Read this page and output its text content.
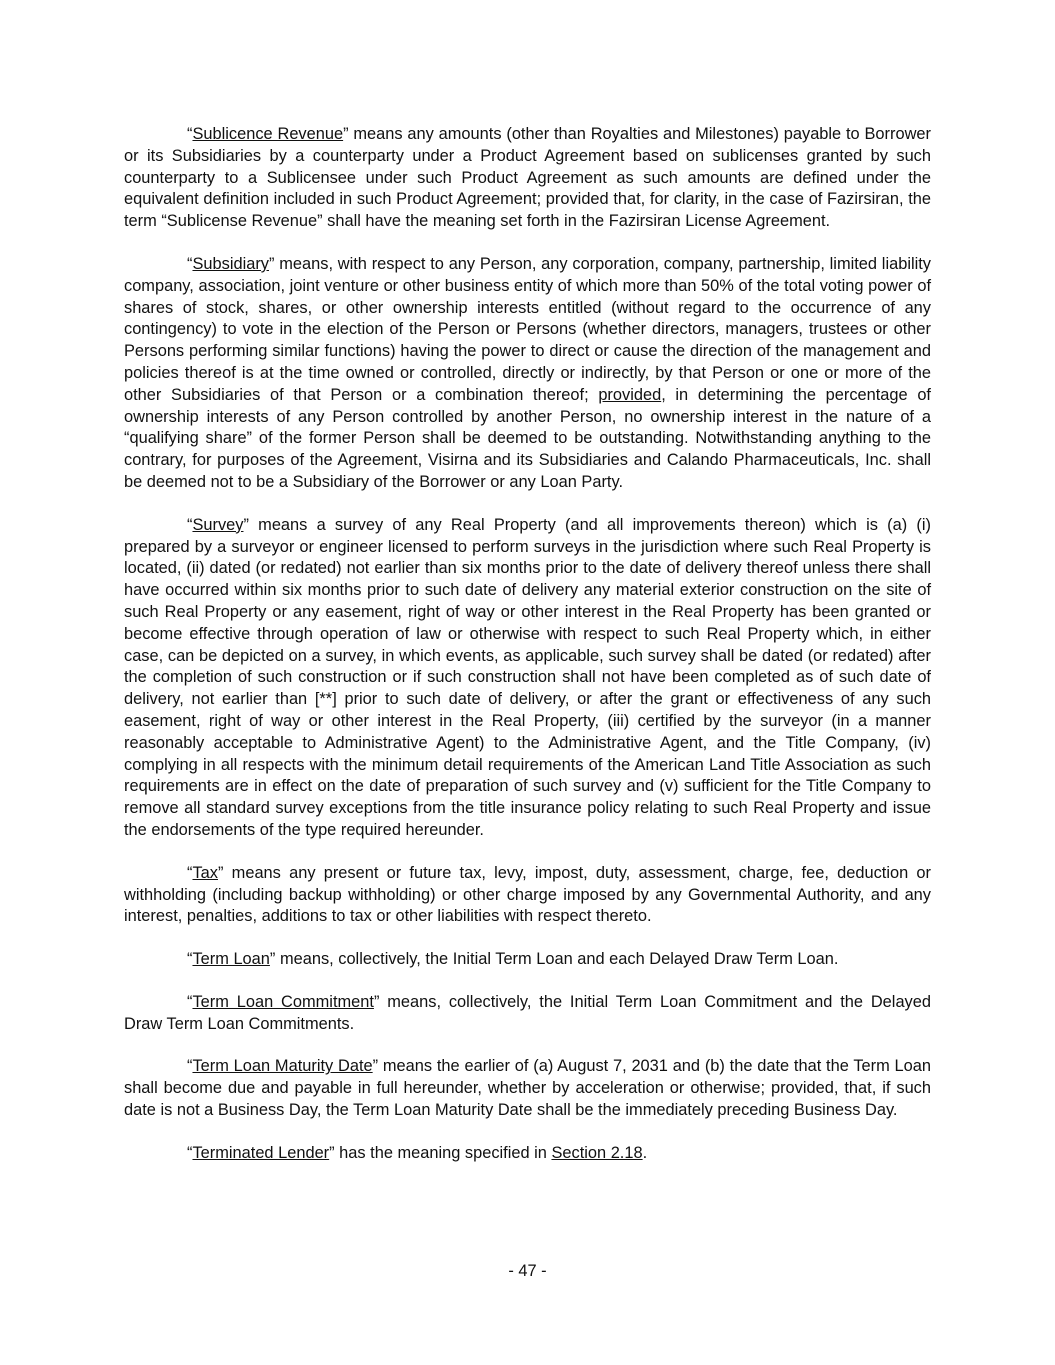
“Sublicence Revenue” means any amounts (other than Royalties and Milestones) payable to Borrower or its Subsidiaries by a counterparty under a Product Agreement based on sublicenses granted by such counterparty to a Sublicensee under such Product Agreement as such amounts are defined under the equivalent definition included in such Product Agreement; provided that, for clarity, in the case of Fazirsiran, the term “Sublicense Revenue” shall have the meaning set forth in the Fazirsiran License Agreement.

“Subsidiary” means, with respect to any Person, any corporation, company, partnership, limited liability company, association, joint venture or other business entity of which more than 50% of the total voting power of shares of stock, shares, or other ownership interests entitled (without regard to the occurrence of any contingency) to vote in the election of the Person or Persons (whether directors, managers, trustees or other Persons performing similar functions) having the power to direct or cause the direction of the management and policies thereof is at the time owned or controlled, directly or indirectly, by that Person or one or more of the other Subsidiaries of that Person or a combination thereof; provided, in determining the percentage of ownership interests of any Person controlled by another Person, no ownership interest in the nature of a “qualifying share” of the former Person shall be deemed to be outstanding. Notwithstanding anything to the contrary, for purposes of the Agreement, Visirna and its Subsidiaries and Calando Pharmaceuticals, Inc. shall be deemed not to be a Subsidiary of the Borrower or any Loan Party.

“Survey” means a survey of any Real Property (and all improvements thereon) which is (a) (i) prepared by a surveyor or engineer licensed to perform surveys in the jurisdiction where such Real Property is located, (ii) dated (or redated) not earlier than six months prior to the date of delivery thereof unless there shall have occurred within six months prior to such date of delivery any material exterior construction on the site of such Real Property or any easement, right of way or other interest in the Real Property has been granted or become effective through operation of law or otherwise with respect to such Real Property which, in either case, can be depicted on a survey, in which events, as applicable, such survey shall be dated (or redated) after the completion of such construction or if such construction shall not have been completed as of such date of delivery, not earlier than [**] prior to such date of delivery, or after the grant or effectiveness of any such easement, right of way or other interest in the Real Property, (iii) certified by the surveyor (in a manner reasonably acceptable to Administrative Agent) to the Administrative Agent, and the Title Company, (iv) complying in all respects with the minimum detail requirements of the American Land Title Association as such requirements are in effect on the date of preparation of such survey and (v) sufficient for the Title Company to remove all standard survey exceptions from the title insurance policy relating to such Real Property and issue the endorsements of the type required hereunder.

“Tax” means any present or future tax, levy, impost, duty, assessment, charge, fee, deduction or withholding (including backup withholding) or other charge imposed by any Governmental Authority, and any interest, penalties, additions to tax or other liabilities with respect thereto.

“Term Loan” means, collectively, the Initial Term Loan and each Delayed Draw Term Loan.

“Term Loan Commitment” means, collectively, the Initial Term Loan Commitment and the Delayed Draw Term Loan Commitments.

“Term Loan Maturity Date” means the earlier of (a) August 7, 2031 and (b) the date that the Term Loan shall become due and payable in full hereunder, whether by acceleration or otherwise; provided, that, if such date is not a Business Day, the Term Loan Maturity Date shall be the immediately preceding Business Day.

“Terminated Lender” has the meaning specified in Section 2.18.

- 47 -
